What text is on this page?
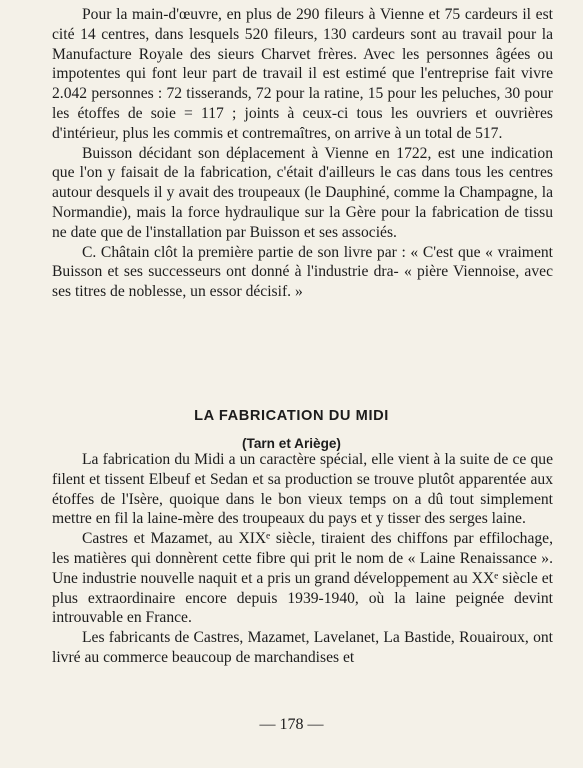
Pour la main-d'œuvre, en plus de 290 fileurs à Vienne et 75 cardeurs il est cité 14 centres, dans lesquels 520 fileurs, 130 cardeurs sont au travail pour la Manufacture Royale des sieurs Charvet frères. Avec les personnes âgées ou impotentes qui font leur part de travail il est estimé que l'entreprise fait vivre 2.042 personnes : 72 tisserands, 72 pour la ratine, 15 pour les peluches, 30 pour les étoffes de soie = 117 ; joints à ceux-ci tous les ouvriers et ouvrières d'intérieur, plus les commis et contremaîtres, on arrive à un total de 517.

Buisson décidant son déplacement à Vienne en 1722, est une indication que l'on y faisait de la fabrication, c'était d'ailleurs le cas dans tous les centres autour desquels il y avait des troupeaux (le Dauphiné, comme la Champagne, la Normandie), mais la force hydraulique sur la Gère pour la fabrication de tissu ne date que de l'installation par Buisson et ses associés.

C. Châtain clôt la première partie de son livre par : « C'est que « vraiment Buisson et ses successeurs ont donné à l'industrie dra- « pière Viennoise, avec ses titres de noblesse, un essor décisif. »

LA FABRICATION DU MIDI
(Tarn et Ariège)

La fabrication du Midi a un caractère spécial, elle vient à la suite de ce que filent et tissent Elbeuf et Sedan et sa production se trouve plutôt apparentée aux étoffes de l'Isère, quoique dans le bon vieux temps on a dû tout simplement mettre en fil la laine-mère des troupeaux du pays et y tisser des serges laine.

Castres et Mazamet, au XIXᵉ siècle, tiraient des chiffons par effilochage, les matières qui donnèrent cette fibre qui prit le nom de « Laine Renaissance ». Une industrie nouvelle naquit et a pris un grand développement au XXᵉ siècle et plus extraordinaire encore depuis 1939-1940, où la laine peignée devint introuvable en France.

Les fabricants de Castres, Mazamet, Lavelanet, La Bastide, Rouairoux, ont livré au commerce beaucoup de marchandises et

— 178 —
